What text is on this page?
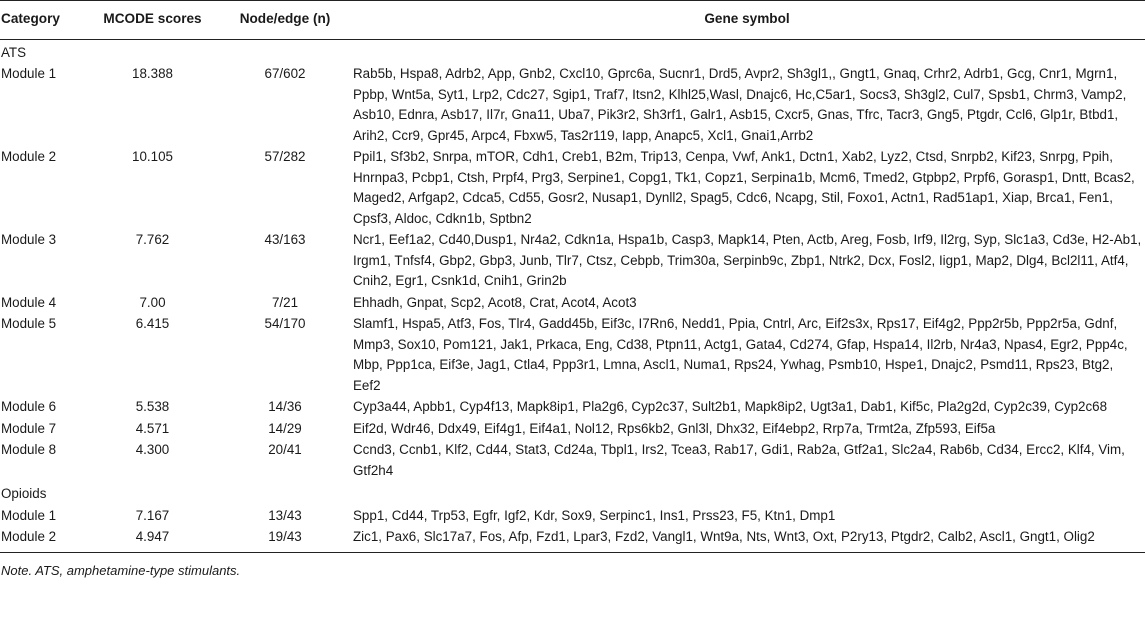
Category	MCODE scores	Node/edge (n)	Gene symbol
ATS			
Module 1	18.388	67/602	Rab5b, Hspa8, Adrb2, App, Gnb2, Cxcl10, Gprc6a, Sucnr1, Drd5, Avpr2, Sh3gl1,, Gngt1, Gnaq, Crhr2, Adrb1, Gcg, Cnr1, Mgrn1, Ppbp, Wnt5a, Syt1, Lrp2, Cdc27, Sgip1, Traf7, Itsn2, Klhl25,Wasl, Dnajc6, Hc,C5ar1, Socs3, Sh3gl2, Cul7, Spsb1, Chrm3, Vamp2, Asb10, Ednra, Asb17, Il7r, Gna11, Uba7, Pik3r2, Sh3rf1, Galr1, Asb15, Cxcr5, Gnas, Tfrc, Tacr3, Gng5, Ptgdr, Ccl6, Glp1r, Btbd1, Arih2, Ccr9, Gpr45, Arpc4, Fbxw5, Tas2r119, Iapp, Anapc5, Xcl1, Gnai1,Arrb2
Module 2	10.105	57/282	Ppil1, Sf3b2, Snrpa, mTOR, Cdh1, Creb1, B2m, Trip13, Cenpa, Vwf, Ank1, Dctn1, Xab2, Lyz2, Ctsd, Snrpb2, Kif23, Snrpg, Ppih, Hnrnpa3, Pcbp1, Ctsh, Prpf4, Prg3, Serpine1, Copg1, Tk1, Copz1, Serpina1b, Mcm6, Tmed2, Gtpbp2, Prpf6, Gorasp1, Dntt, Bcas2, Maged2, Arfgap2, Cdca5, Cd55, Gosr2, Nusap1, Dynll2, Spag5, Cdc6, Ncapg, Stil, Foxo1, Actn1, Rad51ap1, Xiap, Brca1, Fen1, Cpsf3, Aldoc, Cdkn1b, Sptbn2
Module 3	7.762	43/163	Ncr1, Eef1a2, Cd40,Dusp1, Nr4a2, Cdkn1a, Hspa1b, Casp3, Mapk14, Pten, Actb, Areg, Fosb, Irf9, Il2rg, Syp, Slc1a3, Cd3e, H2-Ab1, Irgm1, Tnfsf4, Gbp2, Gbp3, Junb, Tlr7, Ctsz, Cebpb, Trim30a, Serpinb9c, Zbp1, Ntrk2, Dcx, Fosl2, Iigp1, Map2, Dlg4, Bcl2l11, Atf4, Cnih2, Egr1, Csnk1d, Cnih1, Grin2b
Module 4	7.00	7/21	Ehhadh, Gnpat, Scp2, Acot8, Crat, Acot4, Acot3
Module 5	6.415	54/170	Slamf1, Hspa5, Atf3, Fos, Tlr4, Gadd45b, Eif3c, I7Rn6, Nedd1, Ppia, Cntrl, Arc, Eif2s3x, Rps17, Eif4g2, Ppp2r5b, Ppp2r5a, Gdnf, Mmp3, Sox10, Pom121, Jak1, Prkaca, Eng, Cd38, Ptpn11, Actg1, Gata4, Cd274, Gfap, Hspa14, Il2rb, Nr4a3, Npas4, Egr2, Ppp4c, Mbp, Ppp1ca, Eif3e, Jag1, Ctla4, Ppp3r1, Lmna, Ascl1, Numa1, Rps24, Ywhag, Psmb10, Hspe1, Dnajc2, Psmd11, Rps23, Btg2, Eef2
Module 6	5.538	14/36	Cyp3a44, Apbb1, Cyp4f13, Mapk8ip1, Pla2g6, Cyp2c37, Sult2b1, Mapk8ip2, Ugt3a1, Dab1, Kif5c, Pla2g2d, Cyp2c39, Cyp2c68
Module 7	4.571	14/29	Eif2d, Wdr46, Ddx49, Eif4g1, Eif4a1, Nol12, Rps6kb2, Gnl3l, Dhx32, Eif4ebp2, Rrp7a, Trmt2a, Zfp593, Eif5a
Module 8	4.300	20/41	Ccnd3, Ccnb1, Klf2, Cd44, Stat3, Cd24a, Tbpl1, Irs2, Tcea3, Rab17, Gdi1, Rab2a, Gtf2a1, Slc2a4, Rab6b, Cd34, Ercc2, Klf4, Vim, Gtf2h4
Opioids			
Module 1	7.167	13/43	Spp1, Cd44, Trp53, Egfr, Igf2, Kdr, Sox9, Serpinc1, Ins1, Prss23, F5, Ktn1, Dmp1
Module 2	4.947	19/43	Zic1, Pax6, Slc17a7, Fos, Afp, Fzd1, Lpar3, Fzd2, Vangl1, Wnt9a, Nts, Wnt3, Oxt, P2ry13, Ptgdr2, Calb2, Ascl1, Gngt1, Olig2
Note. ATS, amphetamine-type stimulants.
